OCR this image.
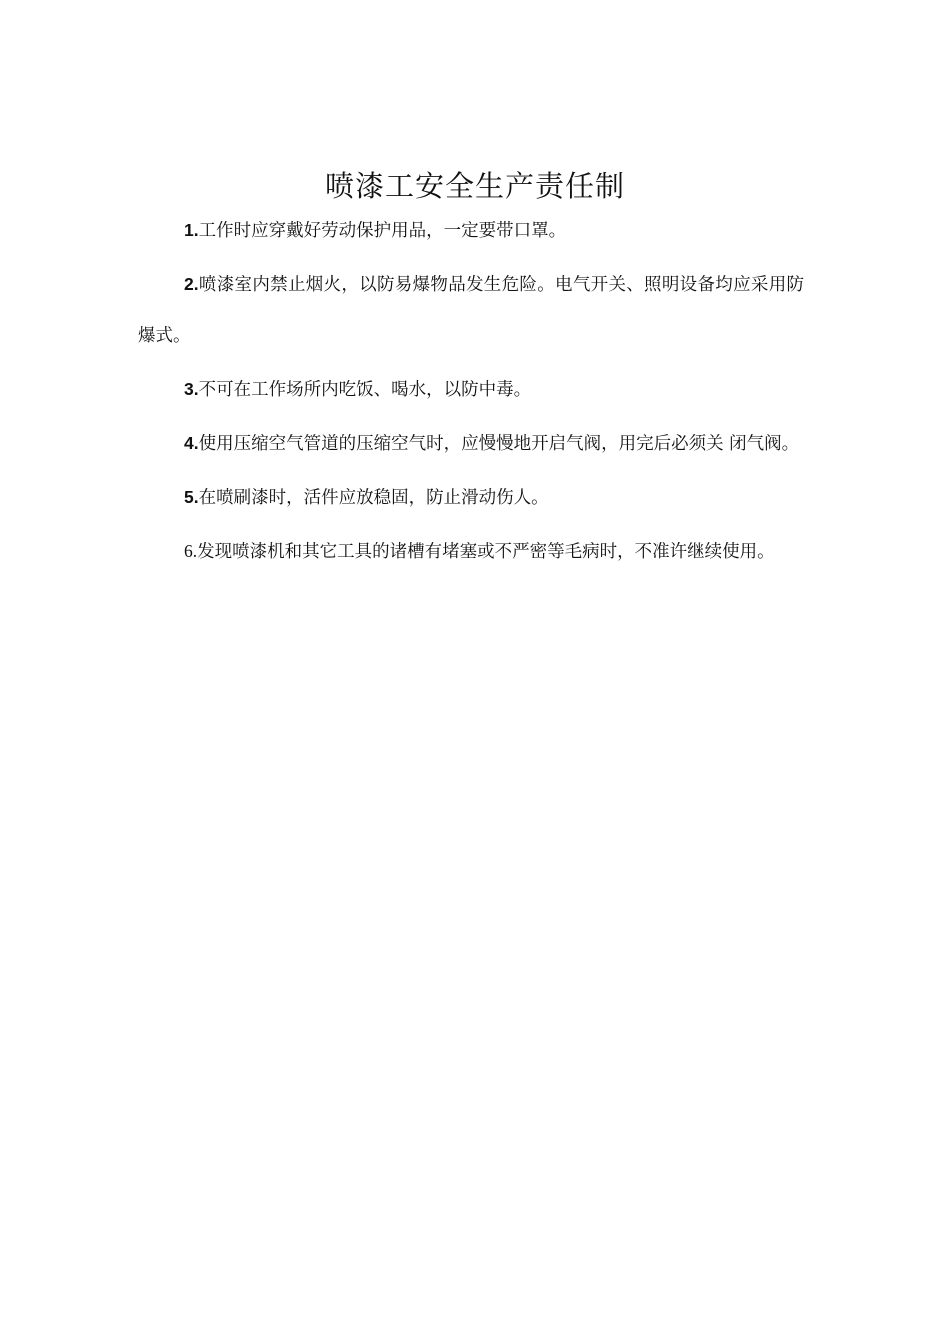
喷漆工安全生产责任制

1.工作时应穿戴好劳动保护用品，一定要带口罩。

2.喷漆室内禁止烟火，以防易爆物品发生危险。电气开关、照明设备均应采用防爆式。

3.不可在工作场所内吃饭、喝水，以防中毒。

4.使用压缩空气管道的压缩空气时，应慢慢地开启气阀，用完后必须关 闭气阀。

5.在喷刷漆时，活件应放稳固，防止滑动伤人。

6.发现喷漆机和其它工具的诸槽有堵塞或不严密等毛病时，不准许继续使用。
